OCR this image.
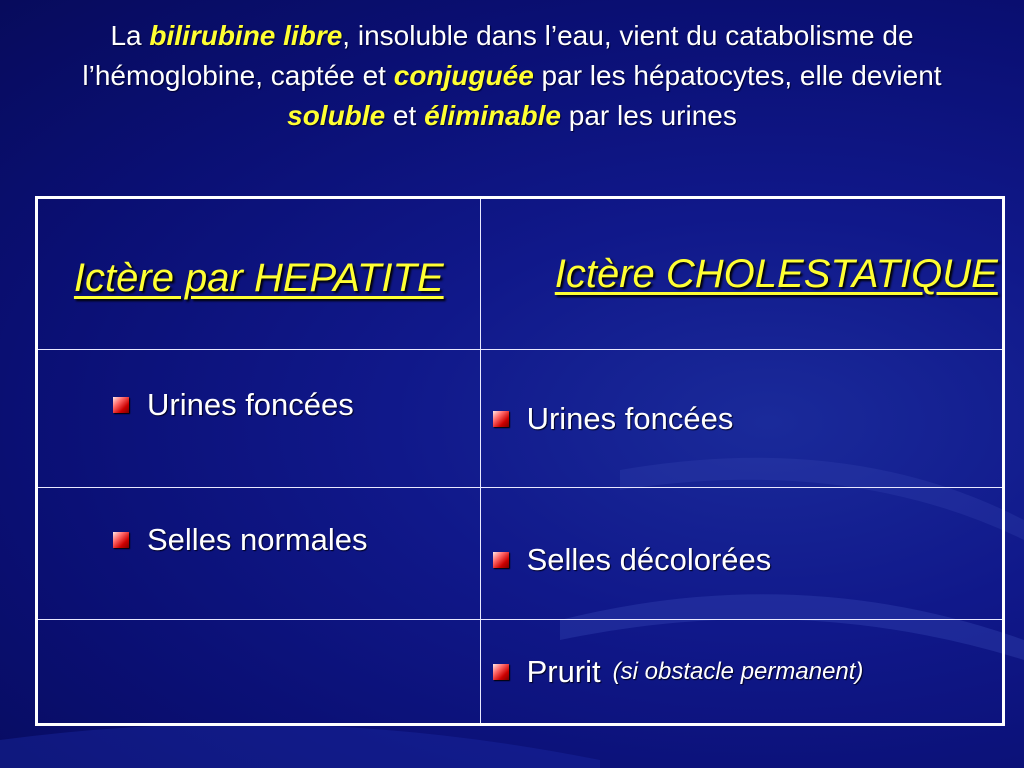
La bilirubine libre, insoluble dans l’eau, vient du catabolisme de l’hémoglobine, captée et conjuguée par les hépatocytes, elle devient soluble et éliminable par les urines
Ictère par HEPATITE	Ictère CHOLESTATIQUE

Urines foncées	Urines foncées

Selles normales	Selles décolorées

	Prurit (si obstacle permanent)
